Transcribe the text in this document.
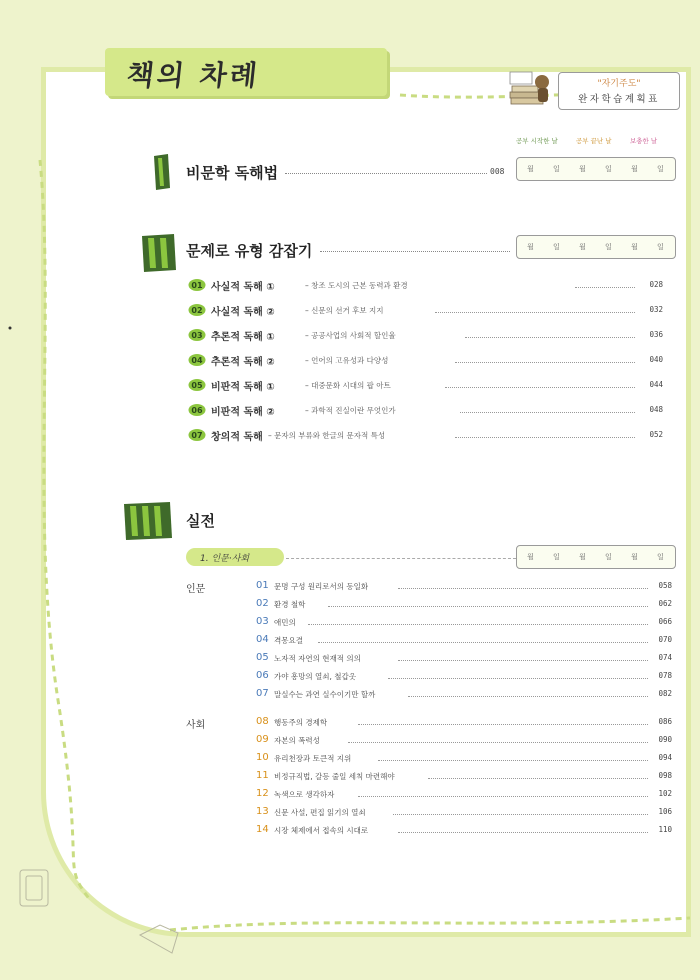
책의 차례	"자기주도"
완자학습계획표
공부 시작한 날	공부 끝난 날	보충한 날
비문학 독해법	008	월	일	월	일	월	일
문제로 유형 감잡기	월	일	월	일	월	일
01 사실적 독해 ①	– 창조 도시의 근본 동력과 환경	028
02 사실적 독해 ②	– 신문의 선거 후보 지지	032
03 추론적 독해 ①	– 공공사업의 사회적 할인율	036
04 추론적 독해 ②	– 언어의 고유성과 다양성	040
05 비판적 독해 ①	– 대중문화 시대의 팝 아트	044
06 비판적 독해 ②	– 과학적 진실이란 무엇인가	048
07 창의적 독해 – 문자의 부류와 한글의 문자적 특성	052
실전
1. 인문·사회	월	일	월	일	월	일
인문	01 문명 구성 원리로서의 동일화	058
02 환경 철학	062
03 애민의	066
04 격몽요결	070
05 노자적 자연의 현재적 의의	074
06 가야 흥망의 열쇠, 철갑옷	078
07 말실수는 과연 실수이기만 할까	082
사회	08 행동주의 경제학	086
09 자본의 폭력성	090
10 유리천장과 토큰적 지위	094
11 비정규직법, 갈등 줄일 세칙 마련해야	098
12 녹색으로 생각하자	102
13 신문 사설, 편집 읽기의 열쇠	106
14 시장 체제에서 접속의 시대로	110
